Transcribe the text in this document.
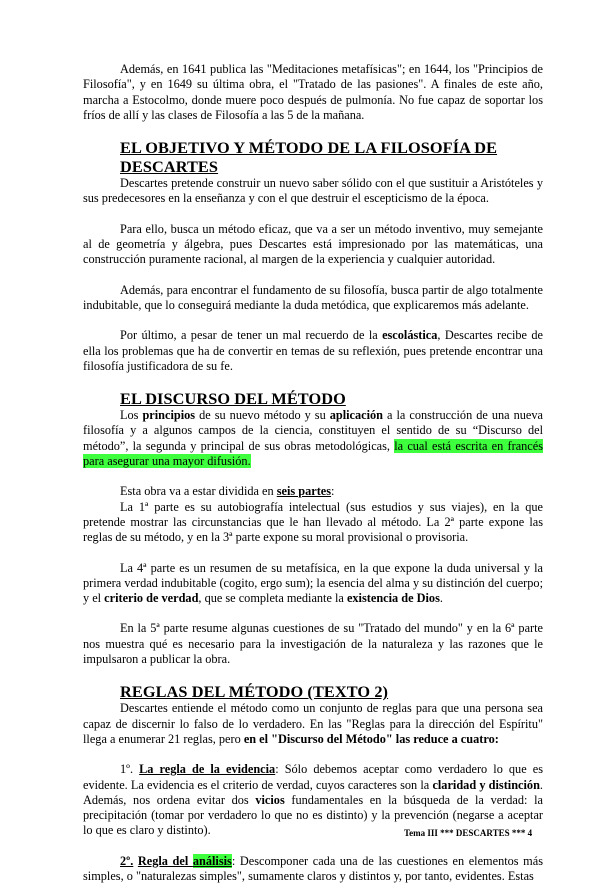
Además, en 1641 publica las "Meditaciones metafísicas"; en 1644, los "Principios de Filosofía", y en 1649 su última obra, el "Tratado de las pasiones". A finales de este año, marcha a Estocolmo, donde muere poco después de pulmonía. No fue capaz de soportar los fríos de allí y las clases de Filosofía a las 5 de la mañana.

EL OBJETIVO Y MÉTODO DE LA FILOSOFÍA DE DESCARTES

Descartes pretende construir un nuevo saber sólido con el que sustituir a Aristóteles y sus predecesores en la enseñanza y con el que destruir el escepticismo de la época.

Para ello, busca un método eficaz, que va a ser un método inventivo, muy semejante al de geometría y álgebra, pues Descartes está impresionado por las matemáticas, una construcción puramente racional, al margen de la experiencia y cualquier autoridad.

Además, para encontrar el fundamento de su filosofía, busca partir de algo totalmente indubitable, que lo conseguirá mediante la duda metódica, que explicaremos más adelante.

Por último, a pesar de tener un mal recuerdo de la escolástica, Descartes recibe de ella los problemas que ha de convertir en temas de su reflexión, pues pretende encontrar una filosofía justificadora de su fe.

EL DISCURSO DEL MÉTODO

Los principios de su nuevo método y su aplicación a la construcción de una nueva filosofía y a algunos campos de la ciencia, constituyen el sentido de su “Discurso del método”, la segunda y principal de sus obras metodológicas, la cual está escrita en francés para asegurar una mayor difusión.

Esta obra va a estar dividida en seis partes:

La 1ª parte es su autobiografía intelectual (sus estudios y sus viajes), en la que pretende mostrar las circunstancias que le han llevado al método. La 2ª parte expone las reglas de su método, y en la 3ª parte expone su moral provisional o provisoria.

La 4ª parte es un resumen de su metafísica, en la que expone la duda universal y la primera verdad indubitable (cogito, ergo sum); la esencia del alma y su distinción del cuerpo; y el criterio de verdad, que se completa mediante la existencia de Dios.

En la 5ª parte resume algunas cuestiones de su "Tratado del mundo" y en la 6ª parte nos muestra qué es necesario para la investigación de la naturaleza y las razones que le impulsaron a publicar la obra.

REGLAS DEL MÉTODO (TEXTO 2)

Descartes entiende el método como un conjunto de reglas para que una persona sea capaz de discernir lo falso de lo verdadero. En las "Reglas para la dirección del Espíritu" llega a enumerar 21 reglas, pero en el "Discurso del Método" las reduce a cuatro:

1º. La regla de la evidencia: Sólo debemos aceptar como verdadero lo que es evidente. La evidencia es el criterio de verdad, cuyos caracteres son la claridad y distinción. Además, nos ordena evitar dos vicios fundamentales en la búsqueda de la verdad: la precipitación (tomar por verdadero lo que no es distinto) y la prevención (negarse a aceptar lo que es claro y distinto).

2º. Regla del análisis: Descomponer cada una de las cuestiones en elementos más simples, o "naturalezas simples", sumamente claros y distintos y, por tanto, evidentes. Estas

Tema III *** DESCARTES *** 4
